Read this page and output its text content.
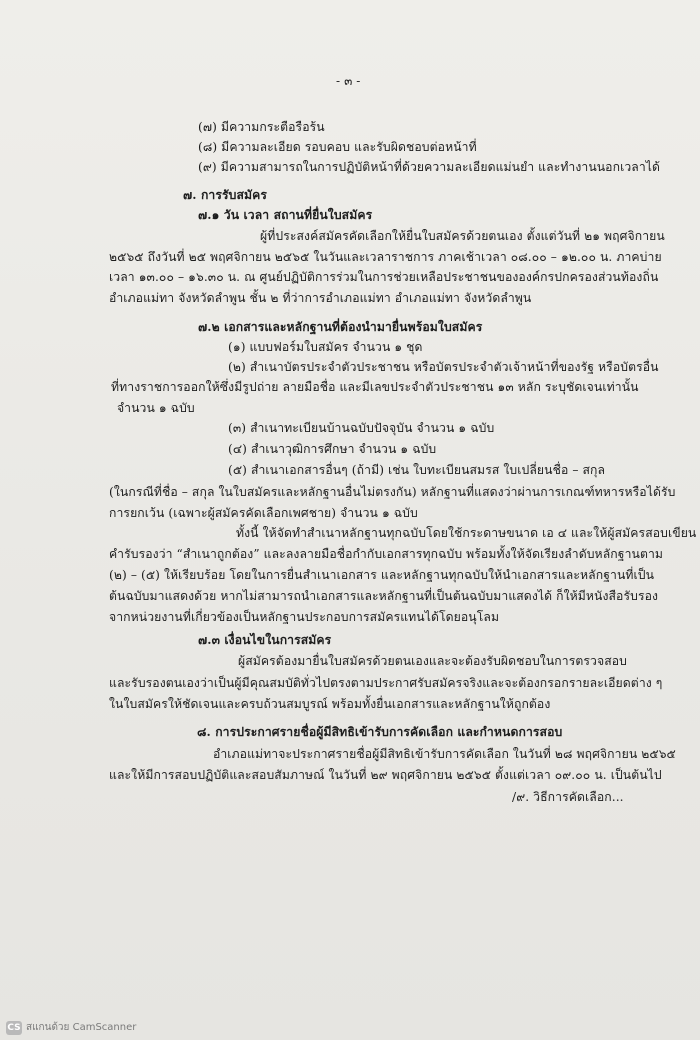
- ๓ -
(๗) มีความกระตือรือร้น
(๘) มีความละเอียด รอบคอบ และรับผิดชอบต่อหน้าที่
(๙) มีความสามารถในการปฏิบัติหน้าที่ด้วยความละเอียดแม่นยำ และทำงานนอกเวลาได้
๗. การรับสมัคร
๗.๑ วัน เวลา สถานที่ยื่นใบสมัคร
ผู้ที่ประสงค์สมัครคัดเลือกให้ยื่นใบสมัครด้วยตนเอง ตั้งแต่วันที่ ๒๑ พฤศจิกายน
๒๕๖๕ ถึงวันที่ ๒๕ พฤศจิกายน ๒๕๖๕ ในวันและเวลาราชการ ภาคเช้าเวลา ๐๘.๐๐ – ๑๒.๐๐ น. ภาคบ่าย
เวลา ๑๓.๐๐ – ๑๖.๓๐ น. ณ ศูนย์ปฏิบัติการร่วมในการช่วยเหลือประชาชนขององค์กรปกครองส่วนท้องถิ่น
อำเภอแม่ทา จังหวัดลำพูน ชั้น ๒ ที่ว่าการอำเภอแม่ทา อำเภอแม่ทา จังหวัดลำพูน
๗.๒ เอกสารและหลักฐานที่ต้องนำมายื่นพร้อมใบสมัคร
(๑) แบบฟอร์มใบสมัคร จำนวน ๑ ชุด
(๒) สำเนาบัตรประจำตัวประชาชน หรือบัตรประจำตัวเจ้าหน้าที่ของรัฐ หรือบัตรอื่น
ที่ทางราชการออกให้ซึ่งมีรูปถ่าย ลายมือชื่อ และมีเลขประจำตัวประชาชน ๑๓ หลัก ระบุชัดเจนเท่านั้น
จำนวน ๑ ฉบับ
(๓) สำเนาทะเบียนบ้านฉบับปัจจุบัน จำนวน ๑ ฉบับ
(๔) สำเนาวุฒิการศึกษา จำนวน ๑ ฉบับ
(๕) สำเนาเอกสารอื่นๆ (ถ้ามี) เช่น ใบทะเบียนสมรส ใบเปลี่ยนชื่อ – สกุล
(ในกรณีที่ชื่อ – สกุล ในใบสมัครและหลักฐานอื่นไม่ตรงกัน) หลักฐานที่แสดงว่าผ่านการเกณฑ์ทหารหรือได้รับ
การยกเว้น (เฉพาะผู้สมัครคัดเลือกเพศชาย) จำนวน ๑ ฉบับ
ทั้งนี้ ให้จัดทำสำเนาหลักฐานทุกฉบับโดยใช้กระดาษขนาด เอ ๔ และให้ผู้สมัครสอบเขียน
คำรับรองว่า “สำเนาถูกต้อง” และลงลายมือชื่อกำกับเอกสารทุกฉบับ พร้อมทั้งให้จัดเรียงลำดับหลักฐานตาม
(๒) – (๕) ให้เรียบร้อย โดยในการยื่นสำเนาเอกสาร และหลักฐานทุกฉบับให้นำเอกสารและหลักฐานที่เป็น
ต้นฉบับมาแสดงด้วย หากไม่สามารถนำเอกสารและหลักฐานที่เป็นต้นฉบับมาแสดงได้ ก็ให้มีหนังสือรับรอง
จากหน่วยงานที่เกี่ยวข้องเป็นหลักฐานประกอบการสมัครแทนได้โดยอนุโลม
๗.๓ เงื่อนไขในการสมัคร
ผู้สมัครต้องมายื่นใบสมัครด้วยตนเองและจะต้องรับผิดชอบในการตรวจสอบ
และรับรองตนเองว่าเป็นผู้มีคุณสมบัติทั่วไปตรงตามประกาศรับสมัครจริงและจะต้องกรอกรายละเอียดต่าง ๆ
ในใบสมัครให้ชัดเจนและครบถ้วนสมบูรณ์ พร้อมทั้งยื่นเอกสารและหลักฐานให้ถูกต้อง
๘. การประกาศรายชื่อผู้มีสิทธิเข้ารับการคัดเลือก และกำหนดการสอบ
อำเภอแม่ทาจะประกาศรายชื่อผู้มีสิทธิเข้ารับการคัดเลือก ในวันที่ ๒๘ พฤศจิกายน ๒๕๖๕
และให้มีการสอบปฏิบัติและสอบสัมภาษณ์ ในวันที่ ๒๙ พฤศจิกายน ๒๕๖๕ ตั้งแต่เวลา ๐๙.๐๐ น. เป็นต้นไป
/๙. วิธีการคัดเลือก...
CS สแกนด้วย CamScanner
